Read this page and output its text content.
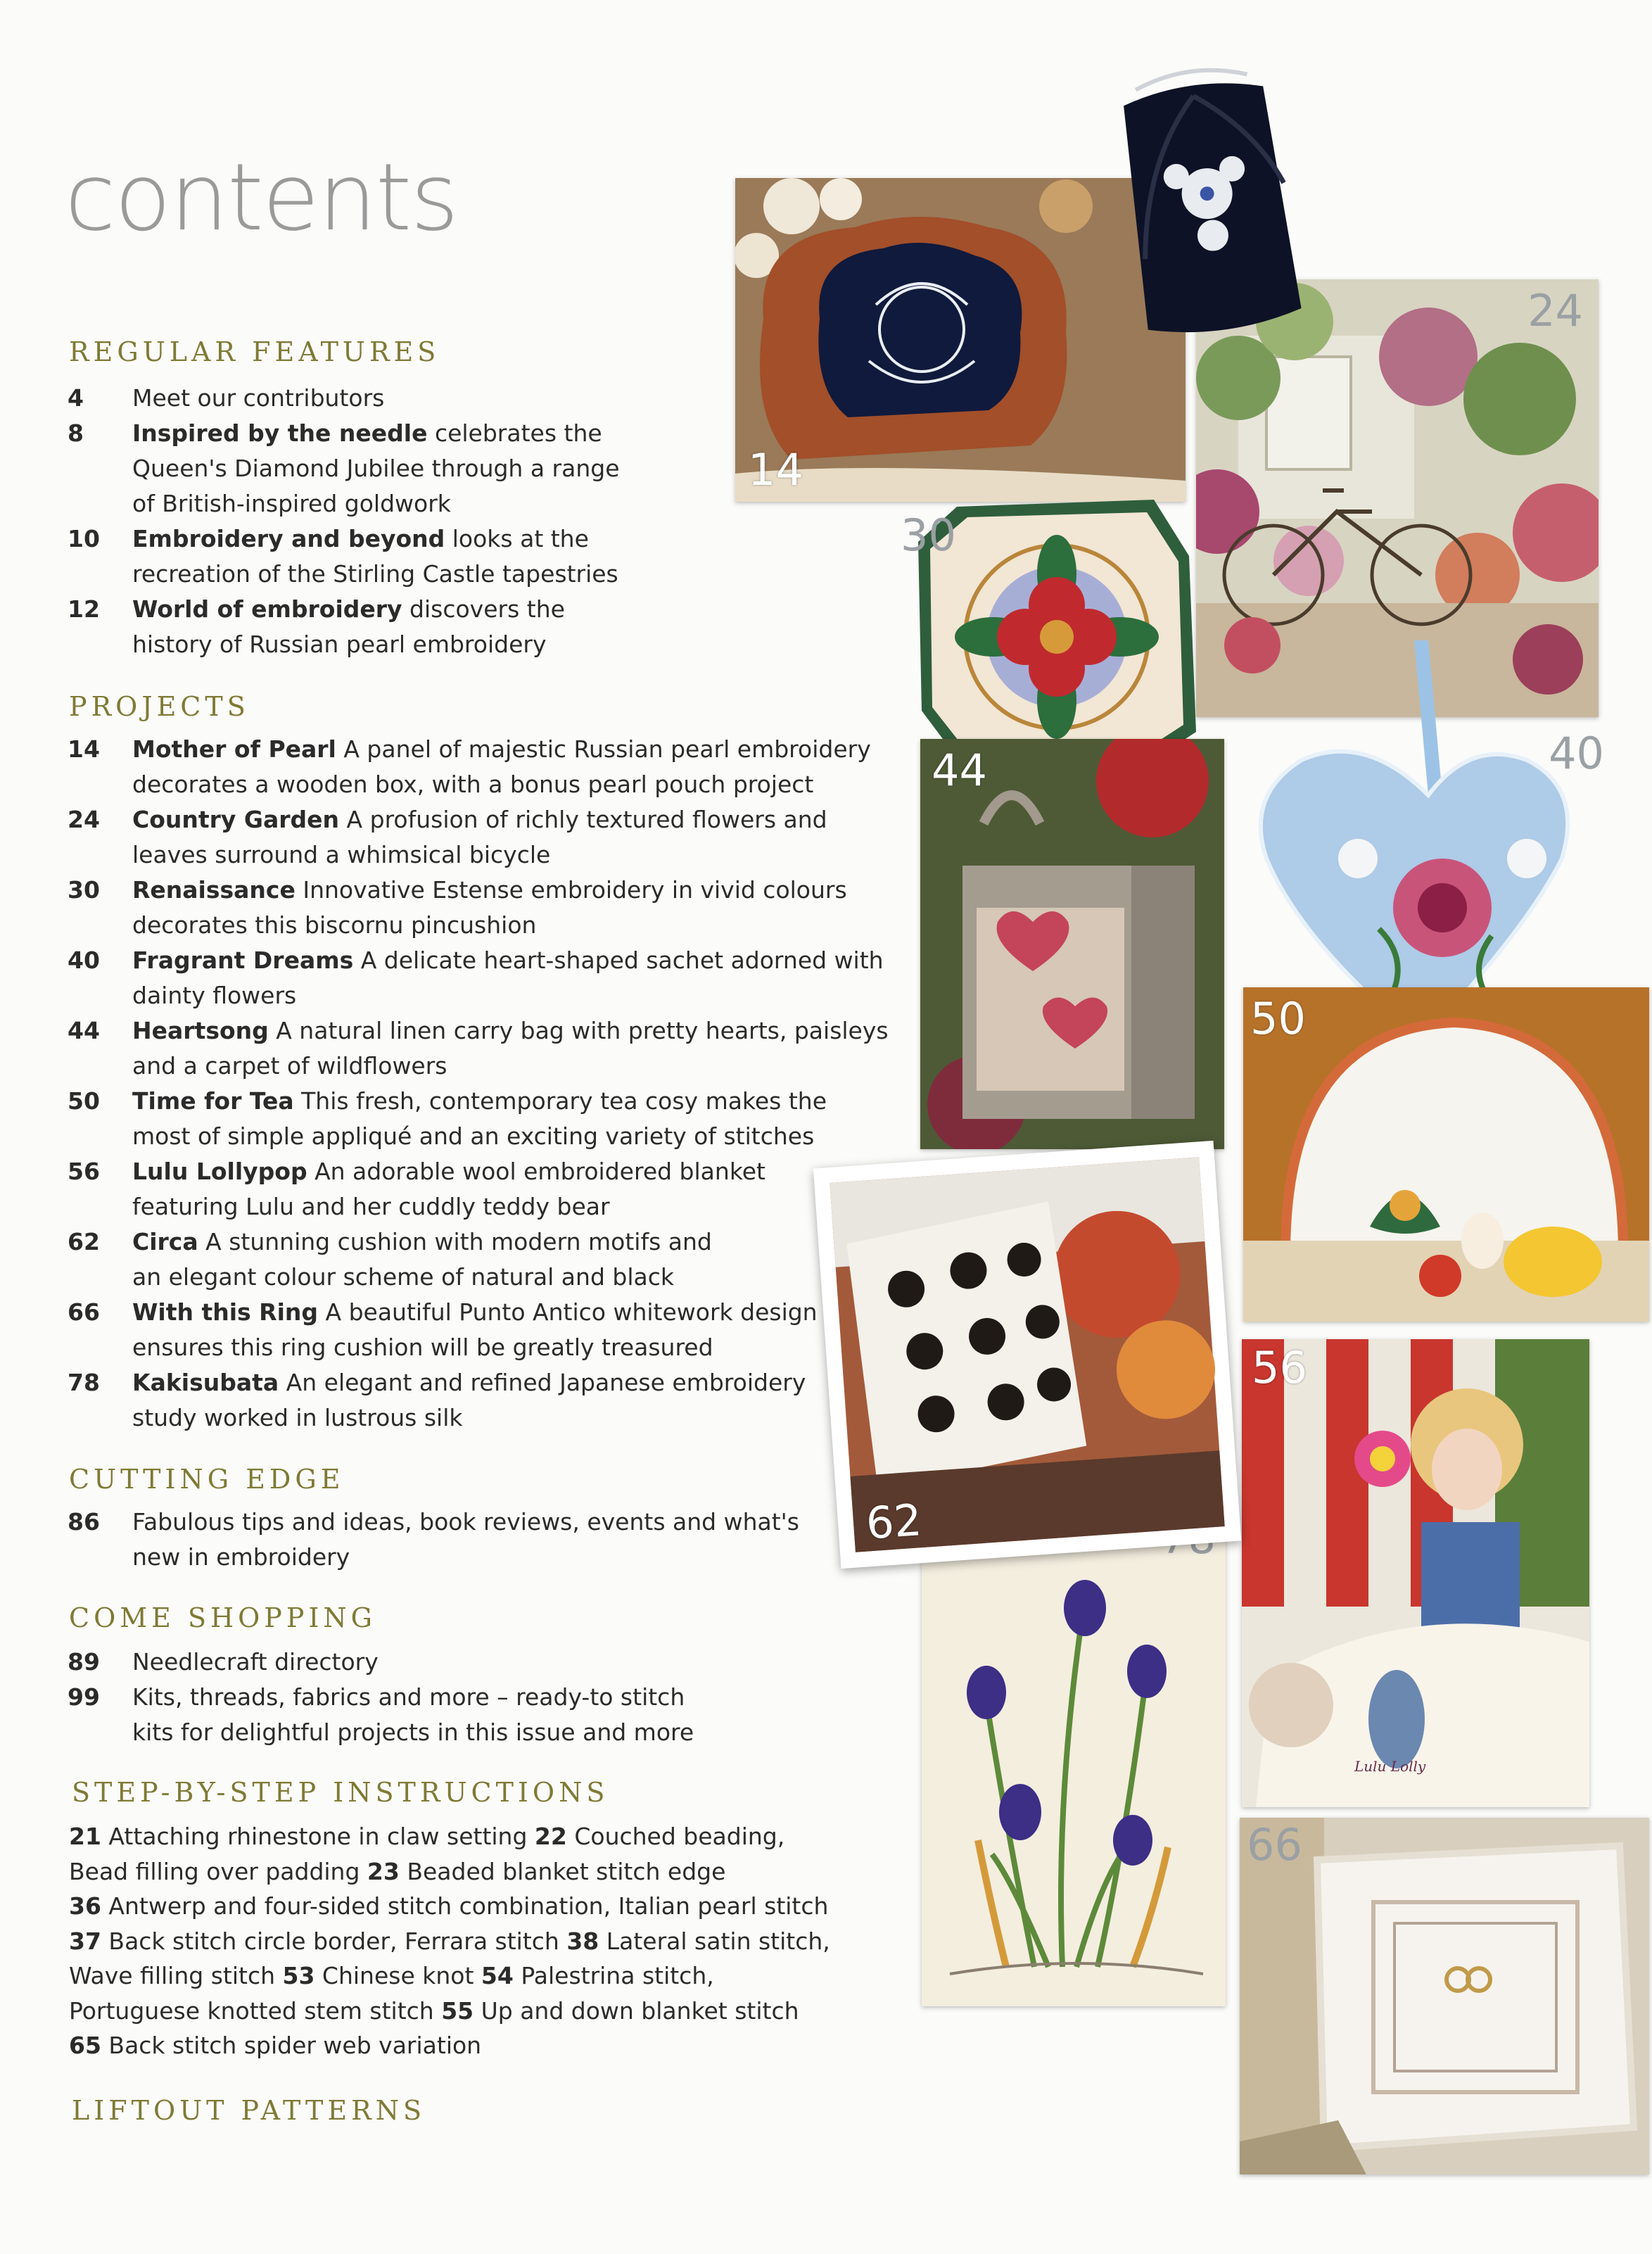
contents
REGULAR FEATURES
4	Meet our contributors
8	Inspired by the needle celebrates the
Queen's Diamond Jubilee through a range
of British-inspired goldwork
10	Embroidery and beyond looks at the
recreation of the Stirling Castle tapestries
12	World of embroidery discovers the
history of Russian pearl embroidery
PROJECTS
14	Mother of Pearl A panel of majestic Russian pearl embroidery
decorates a wooden box, with a bonus pearl pouch project
24	Country Garden A profusion of richly textured flowers and
leaves surround a whimsical bicycle
30	Renaissance Innovative Estense embroidery in vivid colours
decorates this biscornu pincushion
40	Fragrant Dreams A delicate heart-shaped sachet adorned with
dainty flowers
44	Heartsong A natural linen carry bag with pretty hearts, paisleys
and a carpet of wildflowers
50	Time for Tea This fresh, contemporary tea cosy makes the
most of simple appliqué and an exciting variety of stitches
56	Lulu Lollypop An adorable wool embroidered blanket
featuring Lulu and her cuddly teddy bear
62	Circa A stunning cushion with modern motifs and
an elegant colour scheme of natural and black
66	With this Ring A beautiful Punto Antico whitework design
ensures this ring cushion will be greatly treasured
78	Kakisubata An elegant and refined Japanese embroidery
study worked in lustrous silk
CUTTING EDGE
86	Fabulous tips and ideas, book reviews, events and what's
new in embroidery
COME SHOPPING
89	Needlecraft directory
99	Kits, threads, fabrics and more – ready-to stitch
kits for delightful projects in this issue and more
STEP-BY-STEP INSTRUCTIONS
21 Attaching rhinestone in claw setting 22 Couched beading,
Bead filling over padding 23 Beaded blanket stitch edge
36 Antwerp and four-sided stitch combination, Italian pearl stitch
37 Back stitch circle border, Ferrara stitch 38 Lateral satin stitch,
Wave filling stitch 53 Chinese knot 54 Palestrina stitch,
Portuguese knotted stem stitch 55 Up and down blanket stitch
65 Back stitch spider web variation
LIFTOUT PATTERNS
24
14
30
44	40
50
56
Lulu Lolly
62
66
